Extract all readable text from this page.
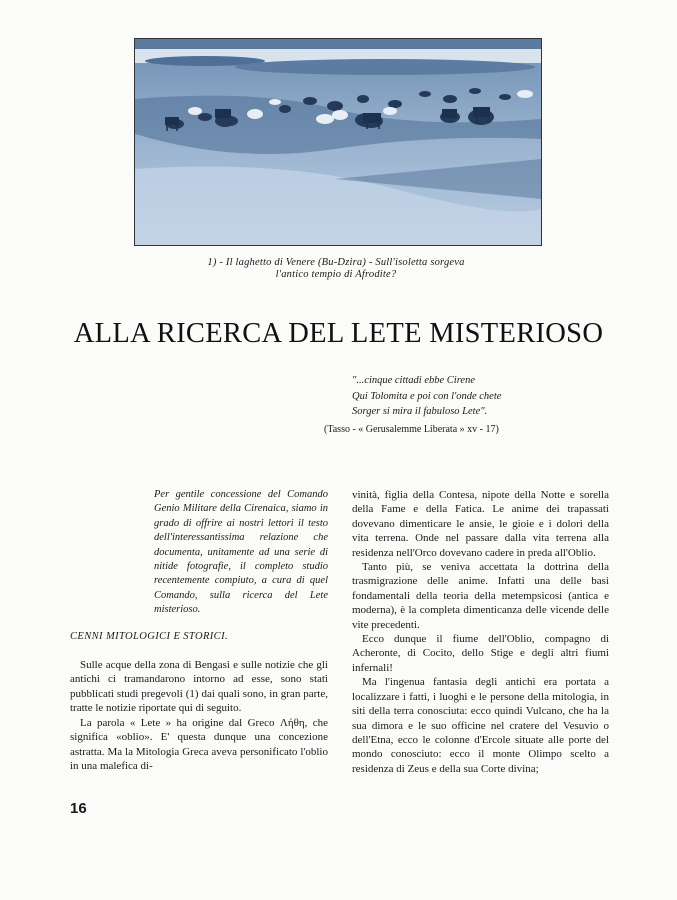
1) - Il laghetto di Venere (Bu-Dzira) - Sull'isoletta sorgeva
l'antico tempio di Afrodite?
ALLA RICERCA DEL LETE MISTERIOSO
"...cinque cittadi ebbe Cirene
Qui Tolomita e poi con l'onde chete
Sorger si mira il fabuloso Lete".
(Tasso - « Gerusalemme Liberata » xv - 17)
Per gentile concessione del Comando Genio Militare della Cirenaica, siamo in grado di offrire ai nostri lettori il testo dell'interessantissima relazione che documenta, unitamente ad una serie di nitide fotografie, il completo studio recentemente compiuto, a cura di quel Comando, sulla ricerca del Lete misterioso.
CENNI MITOLOGICI E STORICI.

Sulle acque della zona di Bengasi e sulle notizie che gli antichi ci tramandarono intorno ad esse, sono stati pubblicati studi pregevoli (1) dai quali sono, in gran parte, tratte le notizie riportate qui di seguito.

La parola « Lete » ha origine dal Greco Λήθη, che significa «oblio». E' questa dunque una concezione astratta. Ma la Mitologia Greca aveva personificato l'oblio in una malefica di-

vinità, figlia della Contesa, nipote della Notte e sorella della Fame e della Fatica. Le anime dei trapassati dovevano dimenticare le ansie, le gioie e i dolori della vita terrena. Onde nel passare dalla vita terrena alla residenza nell'Orco dovevano cadere in preda all'Oblio.

Tanto più, se veniva accettata la dottrina della trasmigrazione delle anime. Infatti una delle basi fondamentali della teoria della metempsicosi (antica e moderna), è la completa dimenticanza delle vicende delle vite precedenti.

Ecco dunque il fiume dell'Oblio, compagno di Acheronte, di Cocito, dello Stige e degli altri fiumi infernali!

Ma l'ingenua fantasia degli antichi era portata a localizzare i fatti, i luoghi e le persone della mitologia, in siti della terra conosciuta: ecco quindi Vulcano, che ha la sua dimora e le suo officine nel cratere del Vesuvio o dell'Etna, ecco le colonne d'Ercole situate alle porte del mondo conosciuto: ecco il monte Olimpo scelto a residenza di Zeus e della sua Corte divina;

16
